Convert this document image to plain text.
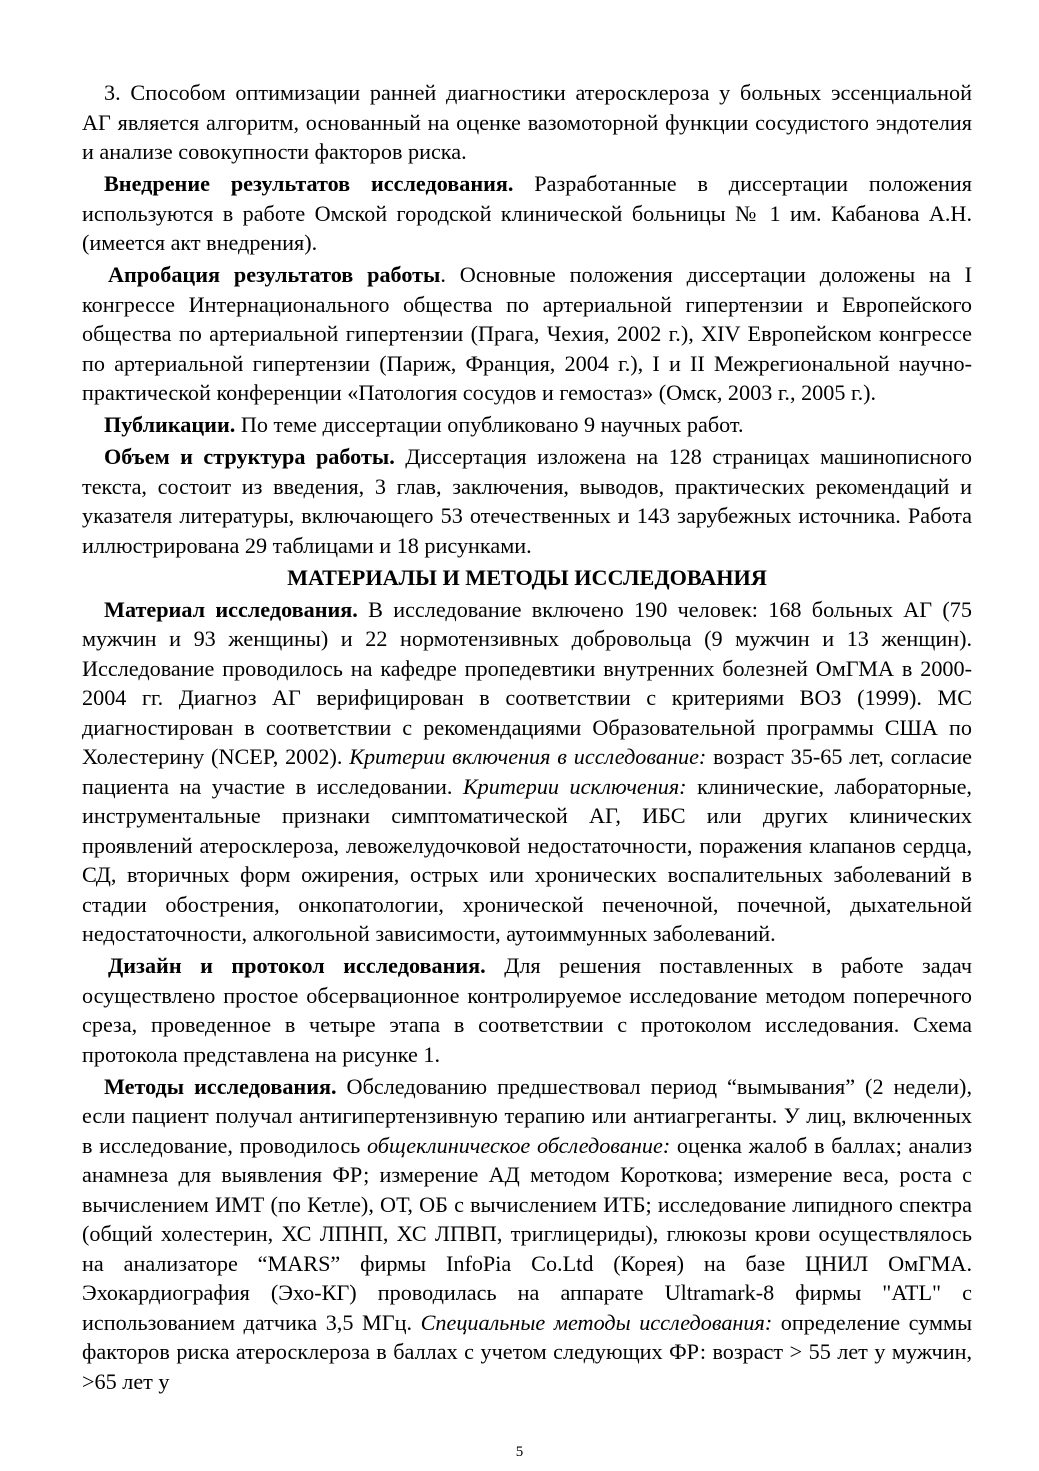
3. Способом оптимизации ранней диагностики атеросклероза у больных эссенциальной АГ является алгоритм, основанный на оценке вазомоторной функции сосудистого эндотелия и анализе совокупности факторов риска.

Внедрение результатов исследования. Разработанные в диссертации положения используются в работе Омской городской клинической больницы № 1 им. Кабанова А.Н. (имеется акт внедрения).

Апробация результатов работы. Основные положения диссертации доложены на I конгрессе Интернационального общества по артериальной гипертензии и Европейского общества по артериальной гипертензии (Прага, Чехия, 2002 г.), XIV Европейском конгрессе по артериальной гипертензии (Париж, Франция, 2004 г.), I и II Межрегиональной научно-практической конференции «Патология сосудов и гемостаз» (Омск, 2003 г., 2005 г.).

Публикации. По теме диссертации опубликовано 9 научных работ.

Объем и структура работы. Диссертация изложена на 128 страницах машинописного текста, состоит из введения, 3 глав, заключения, выводов, практических рекомендаций и указателя литературы, включающего 53 отечественных и 143 зарубежных источника. Работа иллюстрирована 29 таблицами и 18 рисунками.

МАТЕРИАЛЫ И МЕТОДЫ ИССЛЕДОВАНИЯ

Материал исследования. В исследование включено 190 человек: 168 больных АГ (75 мужчин и 93 женщины) и 22 нормотензивных добровольца (9 мужчин и 13 женщин). Исследование проводилось на кафедре пропедевтики внутренних болезней ОмГМА в 2000-2004 гг. Диагноз АГ верифицирован в соответствии с критериями ВОЗ (1999). МС диагностирован в соответствии с рекомендациями Образовательной программы США по Холестерину (NCEP, 2002). Критерии включения в исследование: возраст 35-65 лет, согласие пациента на участие в исследовании. Критерии исключения: клинические, лабораторные, инструментальные признаки симптоматической АГ, ИБС или других клинических проявлений атеросклероза, левожелудочковой недостаточности, поражения клапанов сердца, СД, вторичных форм ожирения, острых или хронических воспалительных заболеваний в стадии обострения, онкопатологии, хронической печеночной, почечной, дыхательной недостаточности, алкогольной зависимости, аутоиммунных заболеваний.

Дизайн и протокол исследования. Для решения поставленных в работе задач осуществлено простое обсервационное контролируемое исследование методом поперечного среза, проведенное в четыре этапа в соответствии с протоколом исследования. Схема протокола представлена на рисунке 1.

Методы исследования. Обследованию предшествовал период “вымывания” (2 недели), если пациент получал антигипертензивную терапию или антиагреганты. У лиц, включенных в исследование, проводилось общеклиническое обследование: оценка жалоб в баллах; анализ анамнеза для выявления ФР; измерение АД методом Короткова; измерение веса, роста с вычислением ИМТ (по Кетле), ОТ, ОБ с вычислением ИТБ; исследование липидного спектра (общий холестерин, ХС ЛПНП, ХС ЛПВП, триглицериды), глюкозы крови осуществлялось на анализаторе “MARS” фирмы InfoPia Co.Ltd (Корея) на базе ЦНИЛ ОмГМА. Эхокардиография (Эхо-КГ) проводилась на аппарате Ultramark-8 фирмы "ATL" с использованием датчика 3,5 МГц. Специальные методы исследования: определение суммы факторов риска атеросклероза в баллах с учетом следующих ФР: возраст > 55 лет у мужчин, >65 лет у

5
